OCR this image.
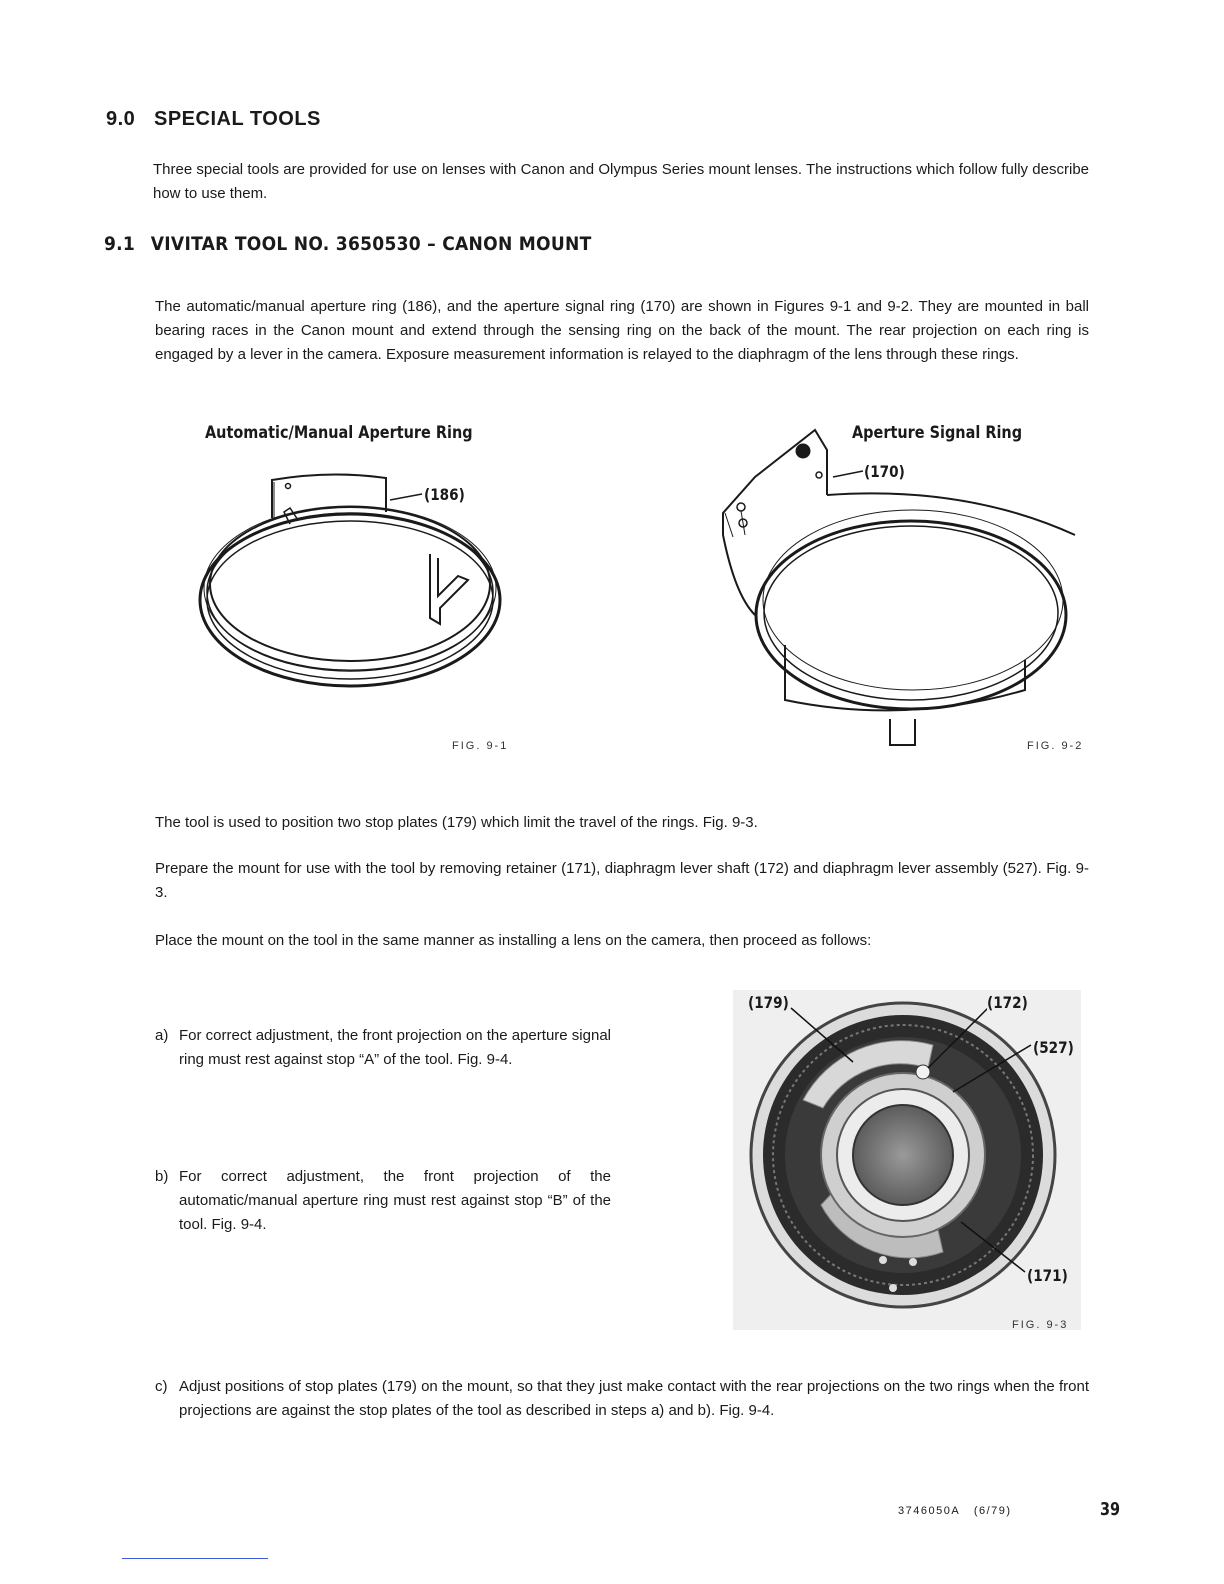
9.0 SPECIAL TOOLS
Three special tools are provided for use on lenses with Canon and Olympus Series mount lenses. The instructions which follow fully describe how to use them.
9.1 VIVITAR TOOL NO. 3650530 – CANON MOUNT
The automatic/manual aperture ring (186), and the aperture signal ring (170) are shown in Figures 9-1 and 9-2. They are mounted in ball bearing races in the Canon mount and extend through the sensing ring on the back of the mount. The rear projection on each ring is engaged by a lever in the camera. Exposure measurement information is relayed to the diaphragm of the lens through these rings.
Automatic/Manual Aperture Ring
(186)
FIG. 9-1
Aperture Signal Ring
(170)
FIG. 9-2
The tool is used to position two stop plates (179) which limit the travel of the rings. Fig. 9-3.
Prepare the mount for use with the tool by removing retainer (171), diaphragm lever shaft (172) and diaphragm lever assembly (527). Fig. 9-3.
Place the mount on the tool in the same manner as installing a lens on the camera, then proceed as follows:
a) For correct adjustment, the front projection on the aperture signal ring must rest against stop “A” of the tool. Fig. 9-4.
b) For correct adjustment, the front projection of the automatic/manual aperture ring must rest against stop “B” of the tool. Fig. 9-4.
(179)	(172)
(527)
(171)
FIG. 9-3
c) Adjust positions of stop plates (179) on the mount, so that they just make contact with the rear projections on the two rings when the front projections are against the stop plates of the tool as described in steps a) and b). Fig. 9-4.
3746050A (6/79)	39
